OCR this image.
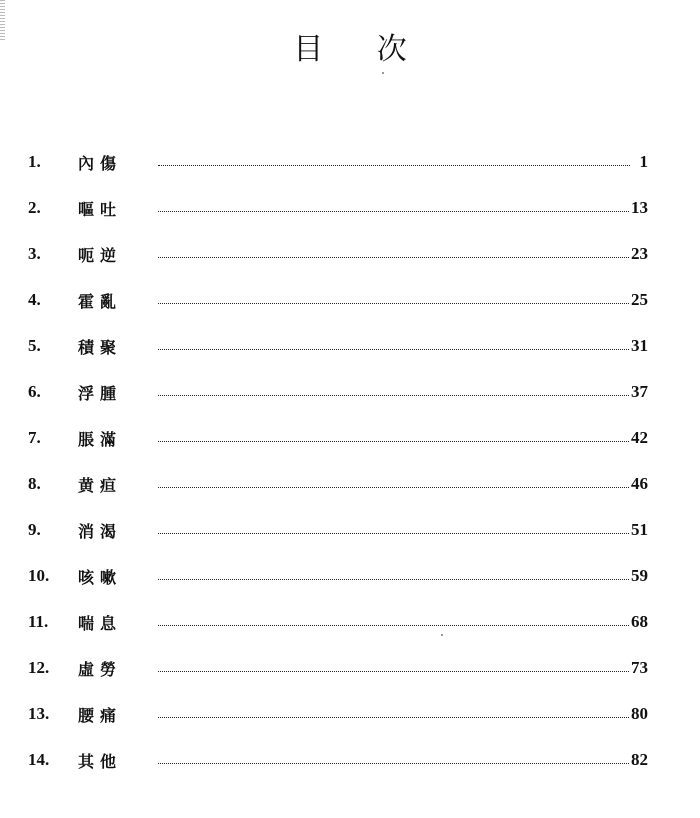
目 次
1.	內傷	1
2.	嘔吐	13
3.	呃逆	23
4.	霍亂	25
5.	積聚	31
6.	浮腫	37
7.	脹滿	42
8.	黄疸	46
9.	消渴	51
10.	咳嗽	59
11.	喘息	68
12.	虛勞	73
13.	腰痛	80
14.	其他	82
